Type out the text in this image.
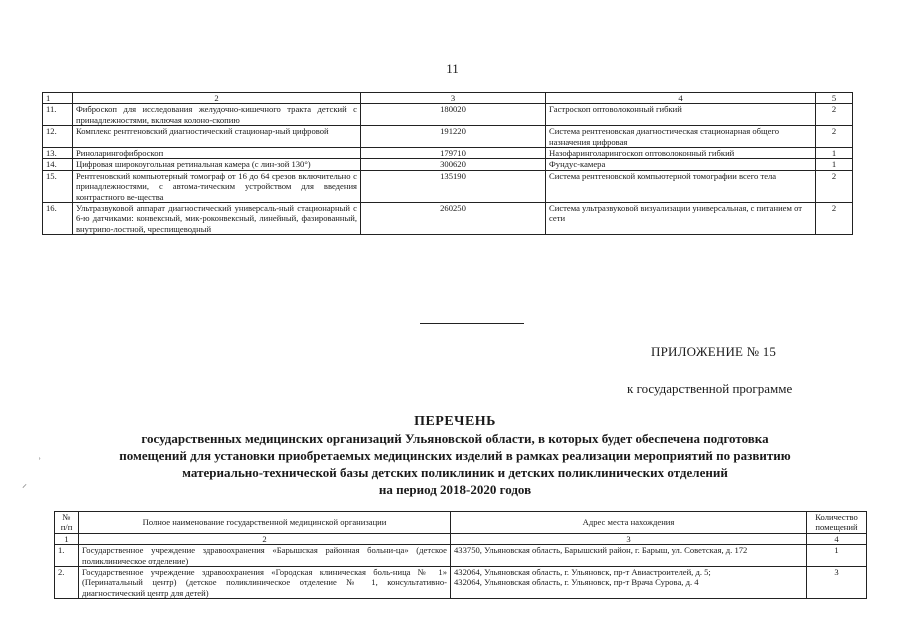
11
1	2	3	4	5
11.	Фиброскоп для исследования желудочно-кишечного тракта детский с принадлежностями, включая колоно-скопию	180020	Гастроскоп оптоволоконный гибкий	2
12.	Комплекс рентгеновский диагностический стационар-ный цифровой	191220	Система рентгеновская диагностическая стационарная общего назначения цифровая	2
13.	Риноларингофиброскоп	179710	Назофаринголарингоскоп оптоволоконный гибкий	1
14.	Цифровая широкоугольная ретинальная камера (с лин-зой 130°)	300620	Фундус-камера	1
15.	Рентгеновский компьютерный томограф от 16 до 64 срезов включительно с принадлежностями, с автома-тическим устройством для введения контрастного ве-щества	135190	Система рентгеновской компьютерной томографии всего тела	2
16.	Ультразвуковой аппарат диагностический универсаль-ный стационарный с 6-ю датчиками: конвексный, мик-роконвексный, линейный, фазированный, внутрипо-лостной, чреспищеводный	260250	Система ультразвуковой визуализации универсальная, с питанием от сети	2
ПРИЛОЖЕНИЕ № 15
к государственной программе
ПЕРЕЧЕНЬ
государственных медицинских организаций Ульяновской области, в которых будет обеспечена подготовка
помещений для установки приобретаемых медицинских изделий в рамках реализации мероприятий по развитию
материально-технической базы детских поликлиник и детских поликлинических отделений
на период 2018-2020 годов
˒
⸝
№ п/п	Полное наименование государственной медицинской организации	Адрес места нахождения	Количество помещений
1	2	3	4
1.	Государственное учреждение здравоохранения «Барышская районная больни-ца» (детское поликлиническое отделение)	433750, Ульяновская область, Барышский район, г. Барыш, ул. Советская, д. 172	1
2.	Государственное учреждение здравоохранения «Городская клиническая боль-ница № 1» (Перинатальный центр) (детское поликлиническое отделение № 1, консультативно-диагностический центр для детей)	432064, Ульяновская область, г. Ульяновск, пр-т Авиастроителей, д. 5;
432064, Ульяновская область, г. Ульяновск, пр-т Врача Сурова, д. 4	3
